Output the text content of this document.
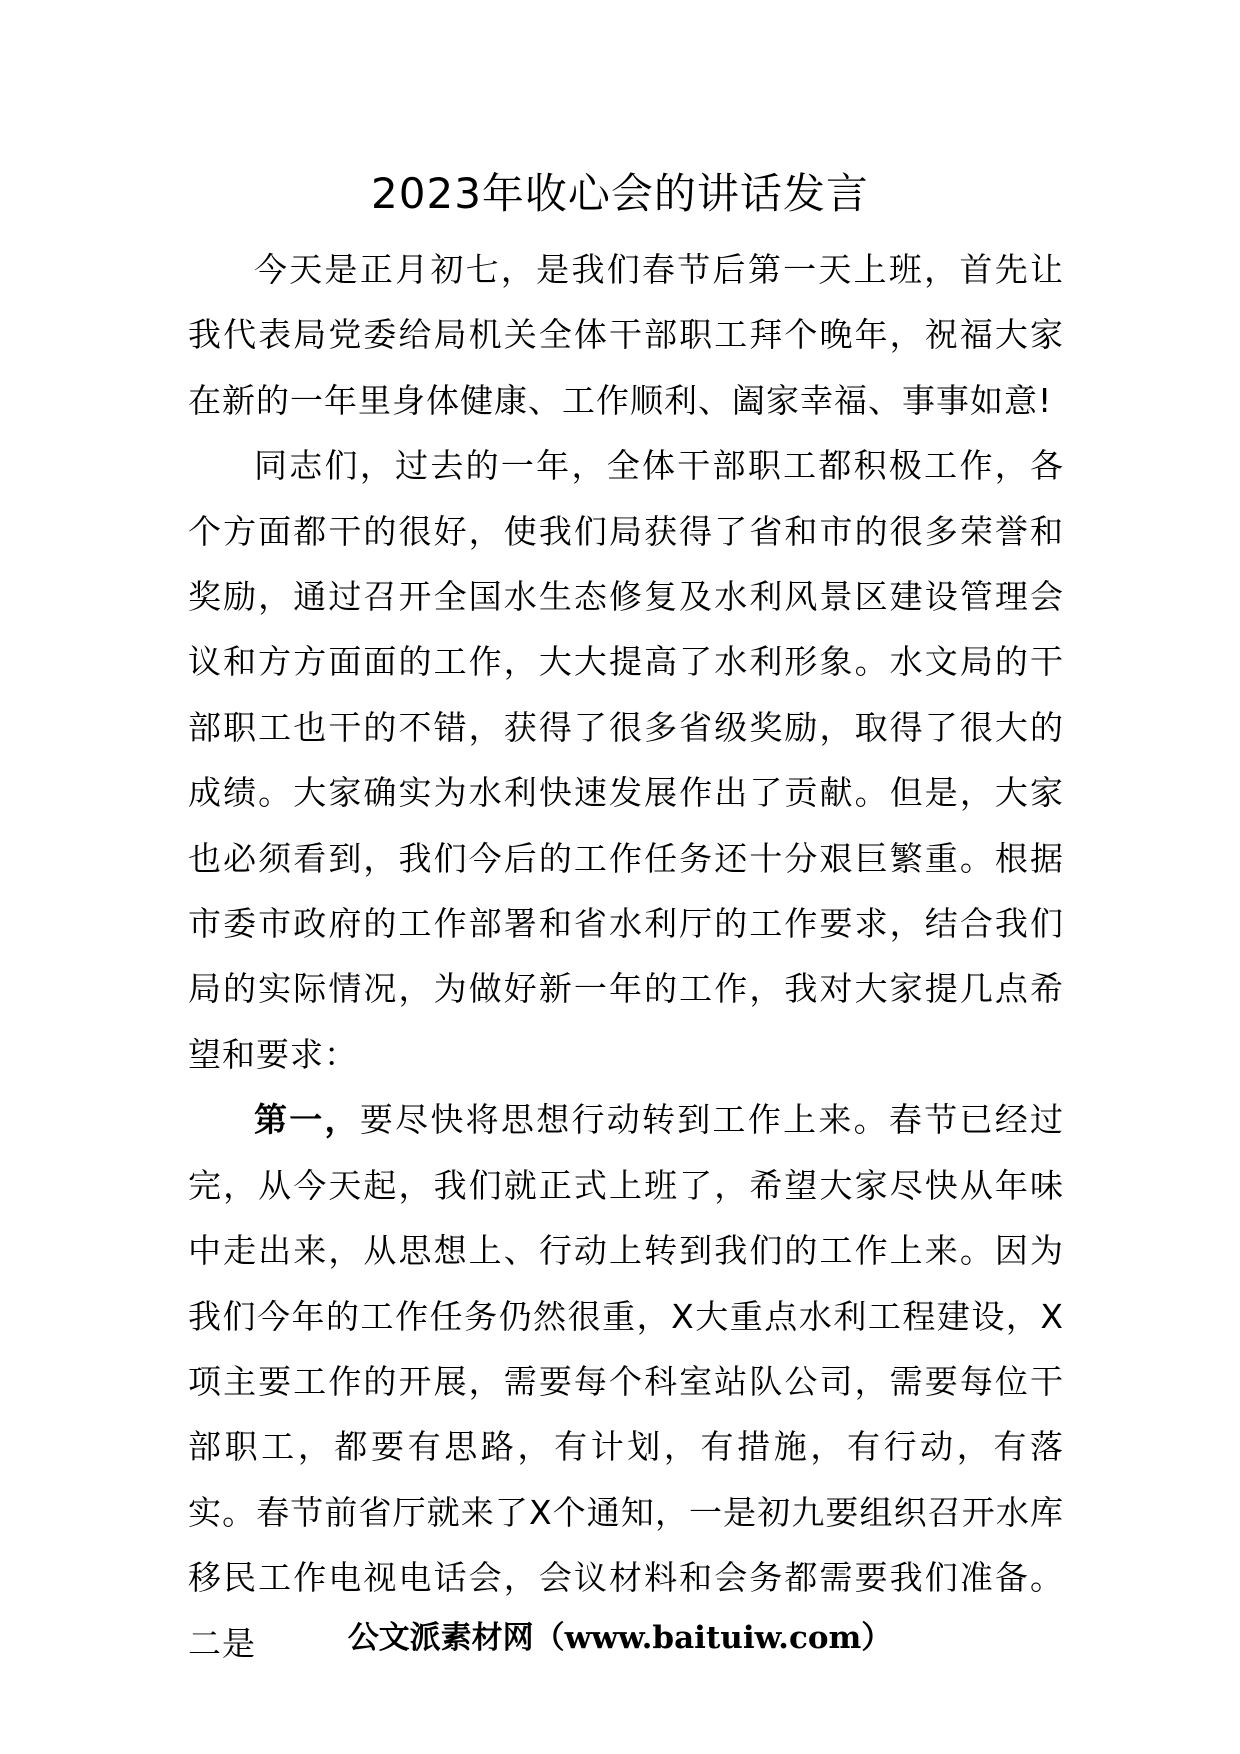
2023年收心会的讲话发言

今天是正月初七，是我们春节后第一天上班，首先让我代表局党委给局机关全体干部职工拜个晚年，祝福大家在新的一年里身体健康、工作顺利、阖家幸福、事事如意!

同志们，过去的一年，全体干部职工都积极工作，各个方面都干的很好，使我们局获得了省和市的很多荣誉和奖励，通过召开全国水生态修复及水利风景区建设管理会议和方方面面的工作，大大提高了水利形象。水文局的干部职工也干的不错，获得了很多省级奖励，取得了很大的成绩。大家确实为水利快速发展作出了贡献。但是，大家也必须看到，我们今后的工作任务还十分艰巨繁重。根据市委市政府的工作部署和省水利厅的工作要求，结合我们局的实际情况，为做好新一年的工作，我对大家提几点希望和要求：

第一，要尽快将思想行动转到工作上来。春节已经过完，从今天起，我们就正式上班了，希望大家尽快从年味中走出来，从思想上、行动上转到我们的工作上来。因为我们今年的工作任务仍然很重，X大重点水利工程建设，X项主要工作的开展，需要每个科室站队公司，需要每位干部职工，都要有思路，有计划，有措施，有行动，有落实。春节前省厅就来了X个通知，一是初九要组织召开水库移民工作电视电话会，会议材料和会务都需要我们准备。二是	公文派素材网（www.baituiw.com）
